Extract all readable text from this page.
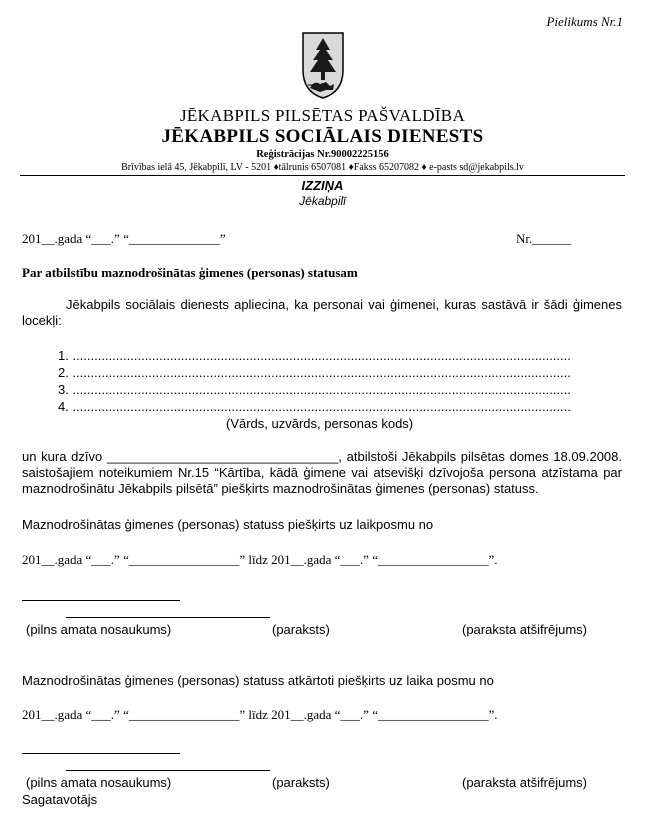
Pielikums Nr.1
JĒKABPILS PILSĒTAS PAŠVALDĪBA
JĒKABPILS SOCIĀLAIS DIENESTS
Reģistrācijas Nr.90002225156
Brīvības ielā 45, Jēkabpilī, LV - 5201 ♦tālrunis 6507081 ♦Fakss 65207082 ♦ e-pasts sd@jekabpils.lv
IZZIŅA
Jēkabpilī
201__.gada “___.” “______________”	Nr.______
Par atbilstību maznodrošinātas ģimenes (personas) statusam
Jēkabpils sociālais dienests apliecina, ka personai vai ģimenei, kuras sastāvā ir šādi ģimenes locekļi:
1. ..........................................................................................................................................
2. ..........................................................................................................................................
3. ..........................................................................................................................................
4. ..........................................................................................................................................
(Vārds, uzvārds, personas kods)
un kura dzīvo ________________________________, atbilstoši Jēkabpils pilsētas domes 18.09.2008. saistošajiem noteikumiem Nr.15 “Kārtība, kādā ģimene vai atsevišķi dzīvojoša persona atzīstama par maznodrošinātu Jēkabpils pilsētā” piešķirts maznodrošinātas ģimenes (personas) statuss.
Maznodrošinātas ģimenes (personas) statuss piešķirts uz laikposmu no
201__.gada “___.” “_________________” līdz 201__.gada “___.” “_________________”.
(pilns amata nosaukums)	(paraksts)	(paraksta atšifrējums)
Maznodrošinātas ģimenes (personas) statuss atkārtoti piešķirts uz laika posmu no
201__.gada “___.” “_________________” līdz 201__.gada “___.” “_________________”.
(pilns amata nosaukums)	(paraksts)	(paraksta atšifrējums)
Sagatavotājs
